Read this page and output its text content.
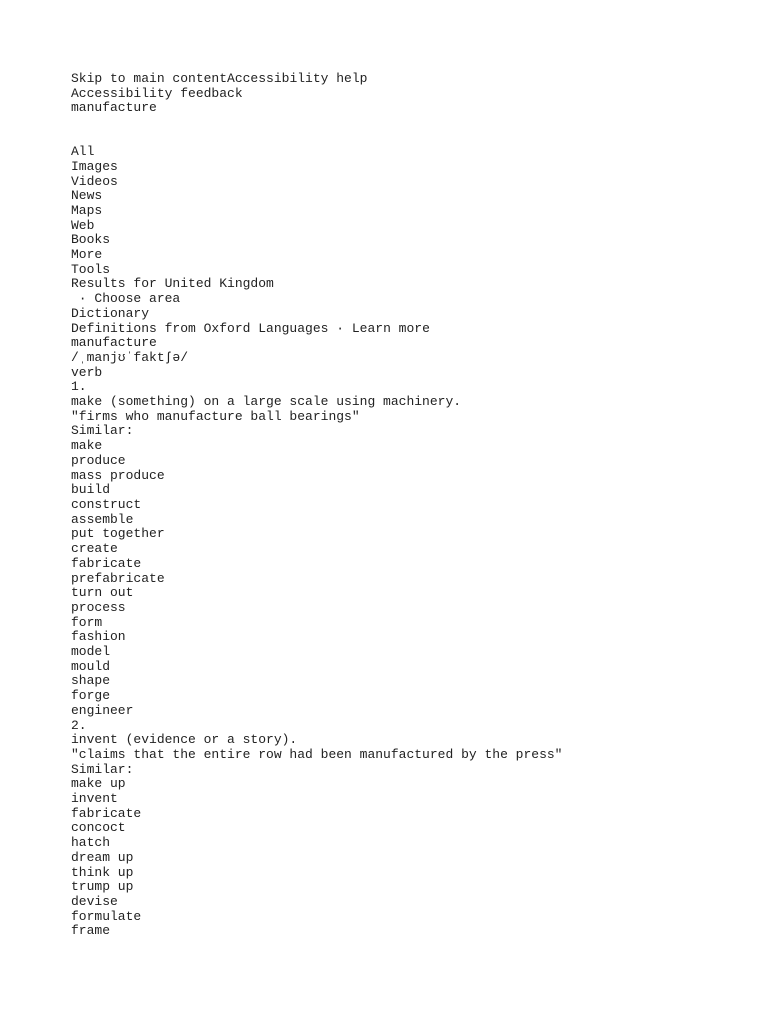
Skip to main contentAccessibility help
Accessibility feedback
manufacture
All
Images
Videos
News
Maps
Web
Books
More
Tools
Results for United Kingdom
· Choose area
Dictionary
Definitions from Oxford Languages · Learn more
manufacture
/ˌmanjʊˈfaktʃə/
verb
1.
make (something) on a large scale using machinery.
"firms who manufacture ball bearings"
Similar:
make
produce
mass produce
build
construct
assemble
put together
create
fabricate
prefabricate
turn out
process
form
fashion
model
mould
shape
forge
engineer
2.
invent (evidence or a story).
"claims that the entire row had been manufactured by the press"
Similar:
make up
invent
fabricate
concoct
hatch
dream up
think up
trump up
devise
formulate
frame
